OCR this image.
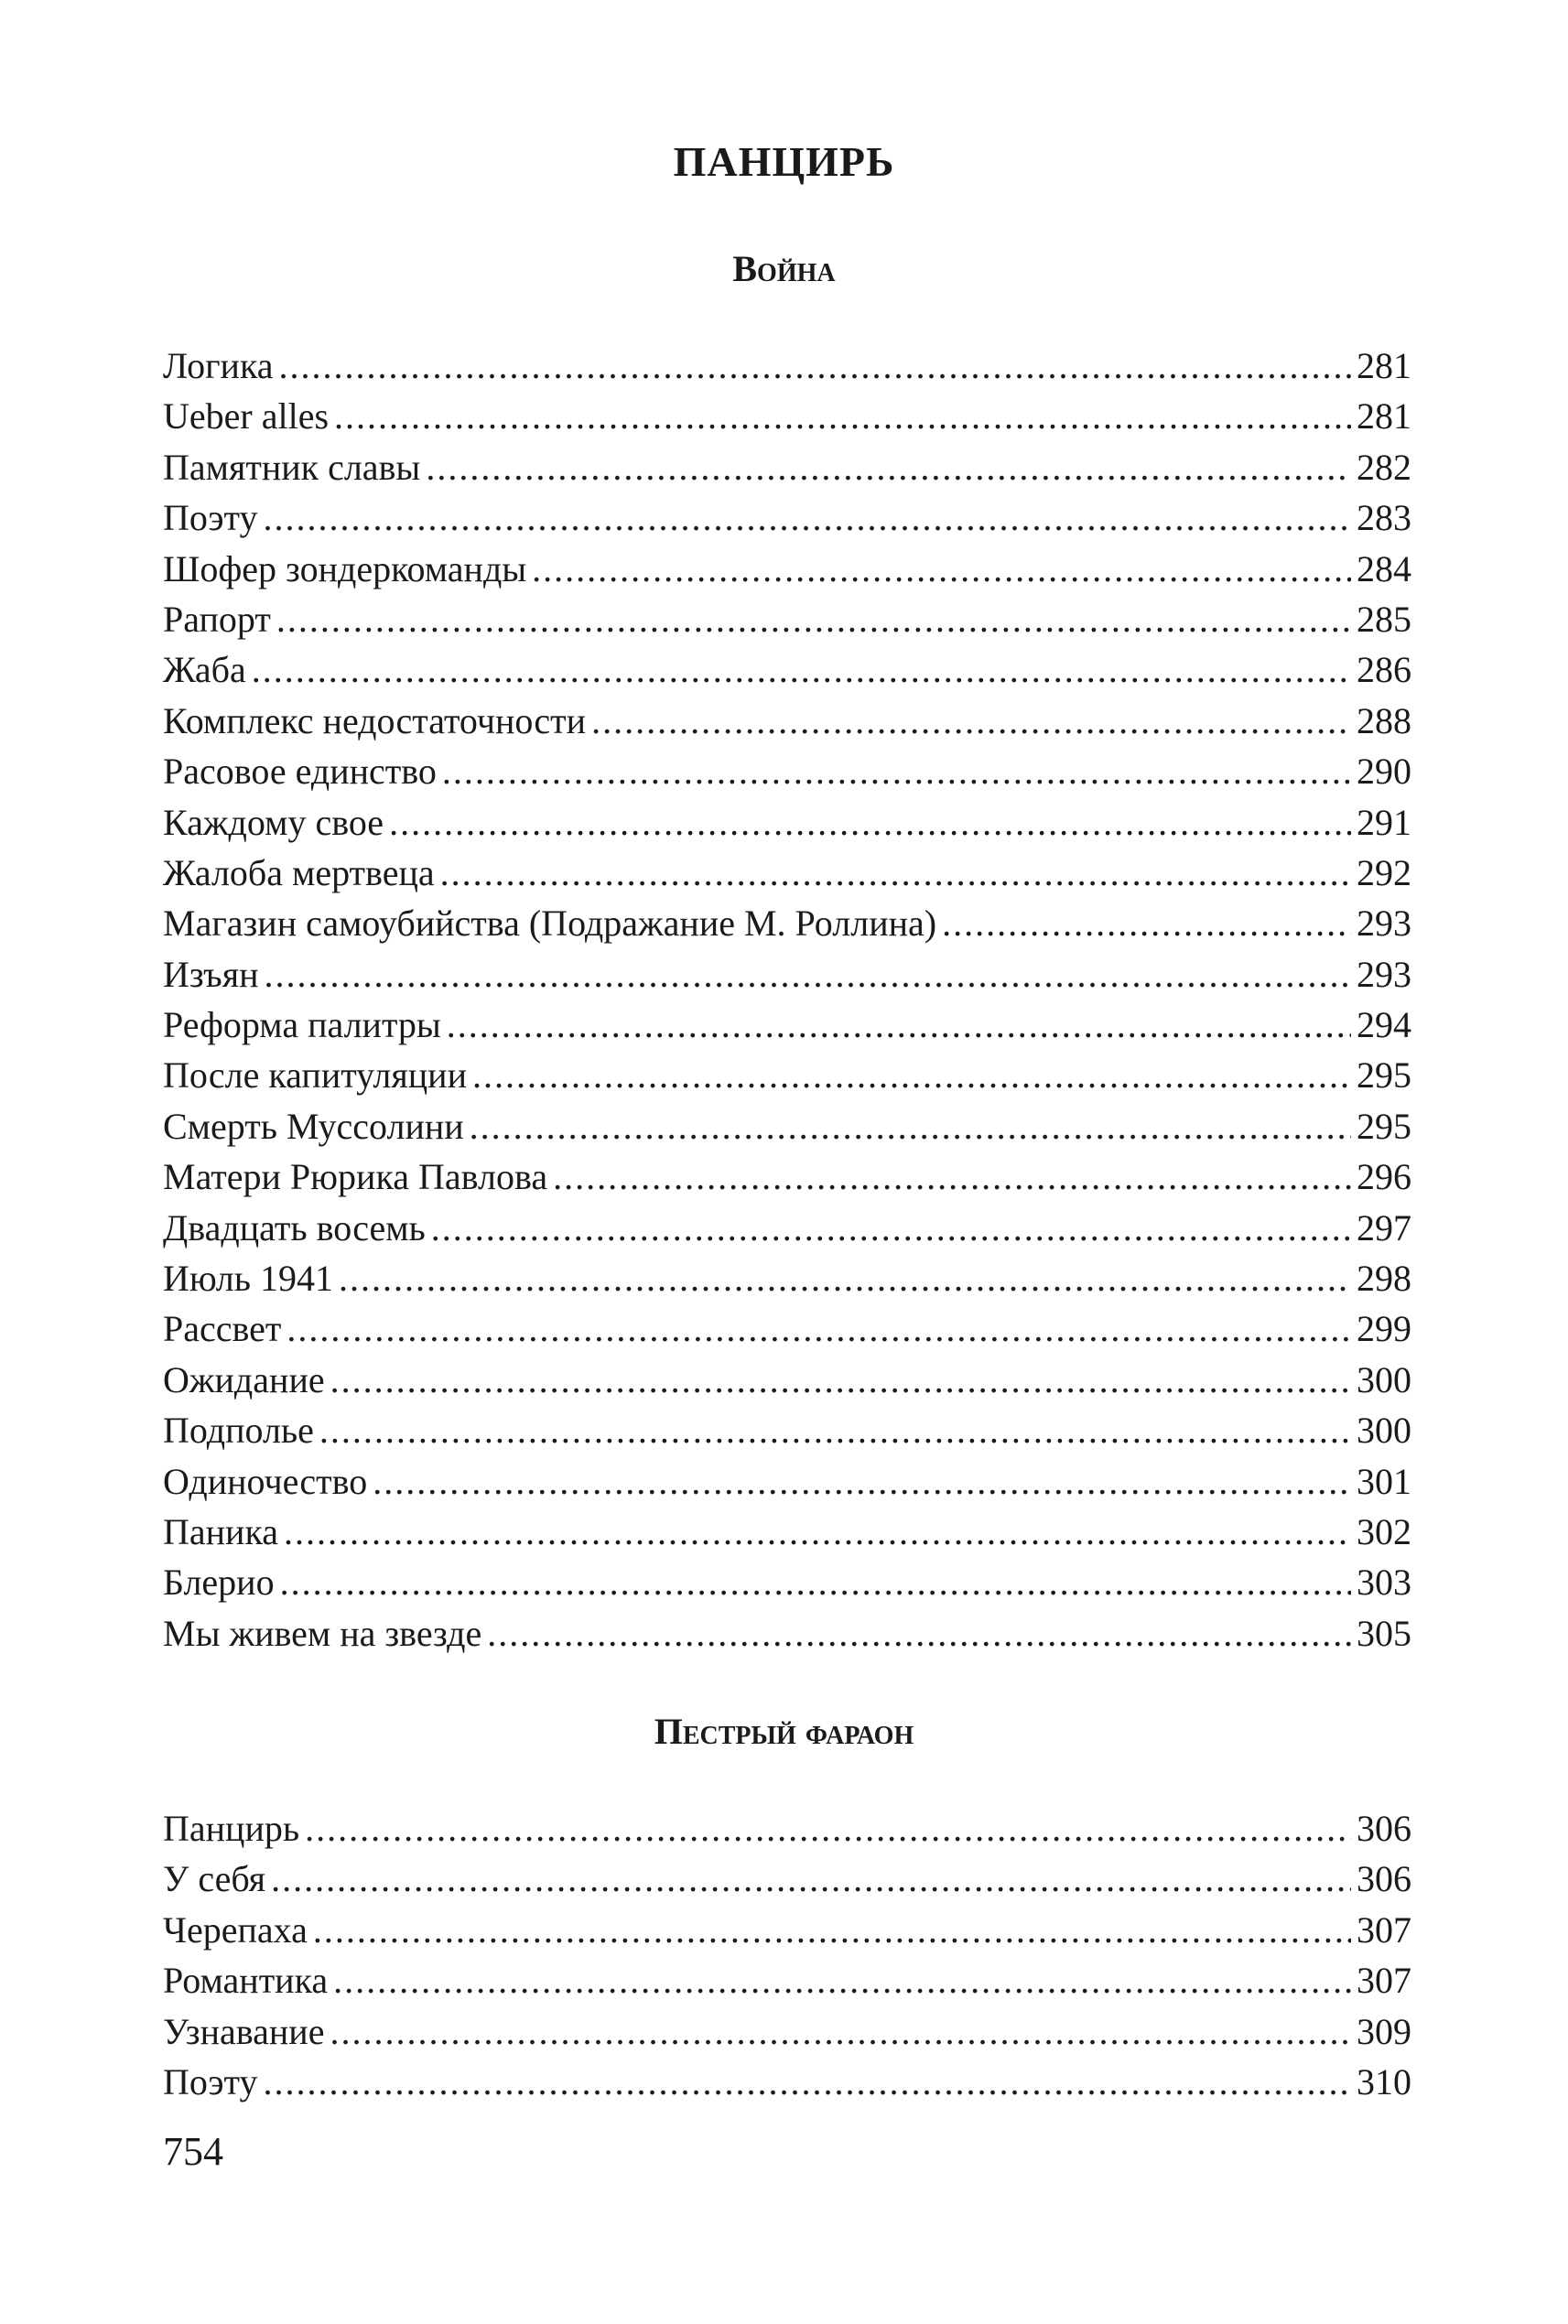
ПАНЦИРЬ
Война
Логика .....	281
Ueber alles .....	281
Памятник славы .....	282
Поэту .....	283
Шофер зондеркоманды .....	284
Рапорт .....	285
Жаба .....	286
Комплекс недостаточности .....	288
Расовое единство .....	290
Каждому свое .....	291
Жалоба мертвеца .....	292
Магазин самоубийства (Подражание М. Роллина) .....	293
Изъян .....	293
Реформа палитры .....	294
После капитуляции .....	295
Смерть Муссолини .....	295
Матери Рюрика Павлова .....	296
Двадцать восемь .....	297
Июль 1941 .....	298
Рассвет .....	299
Ожидание .....	300
Подполье .....	300
Одиночество .....	301
Паника .....	302
Блерио .....	303
Мы живем на звезде .....	305
Пестрый фараон
Панцирь .....	306
У себя .....	306
Черепаха .....	307
Романтика .....	307
Узнавание .....	309
Поэту .....	310

754
